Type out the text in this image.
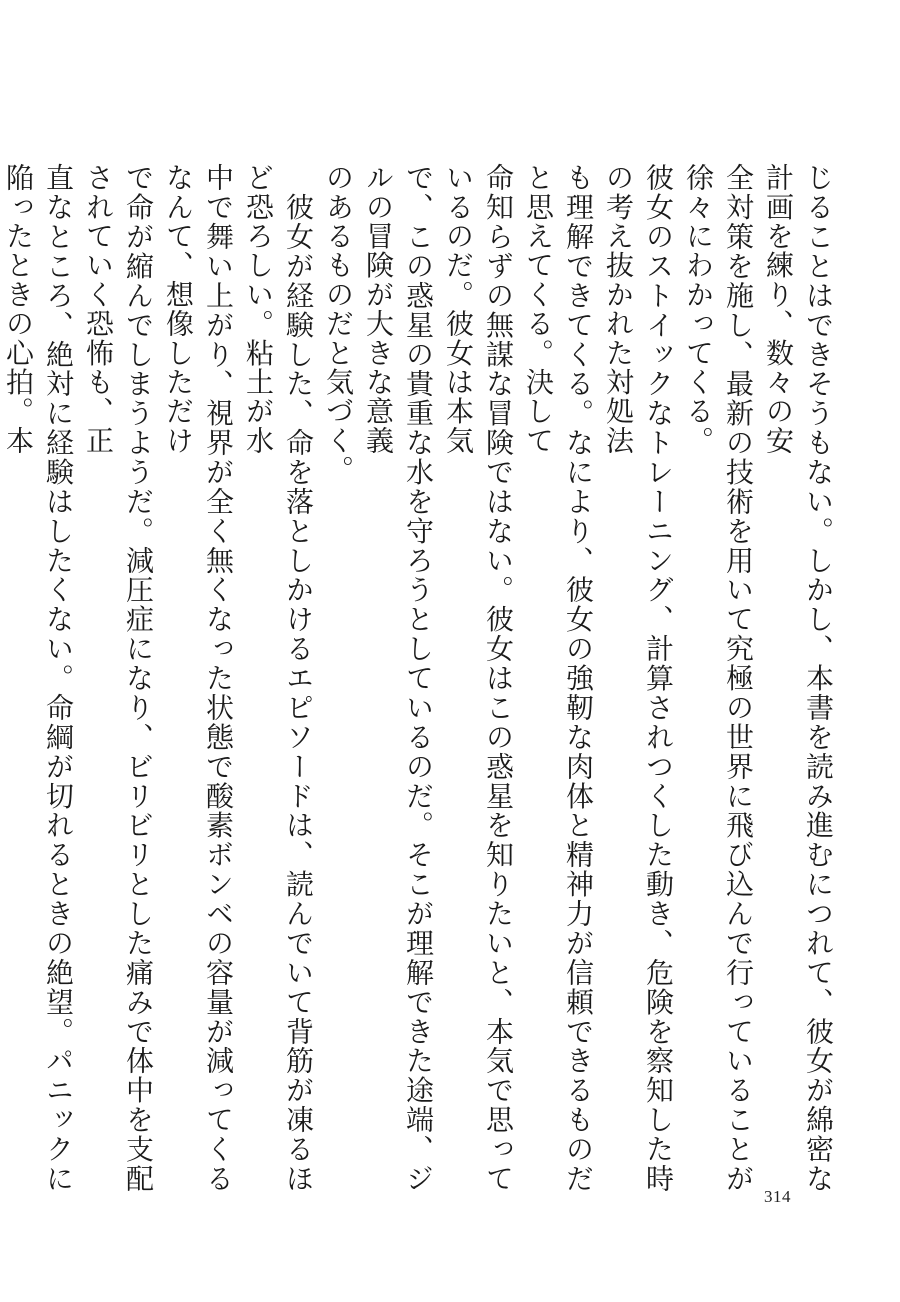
じることはできそうもない。しかし、本書を読み進むにつれて、彼女が綿密な計画を練り、数々の安

全対策を施し、最新の技術を用いて究極の世界に飛び込んで行っていることが徐々にわかってくる。

彼女のストイックなトレーニング、計算されつくした動き、危険を察知した時の考え抜かれた対処法

も理解できてくる。なにより、彼女の強靭な肉体と精神力が信頼できるものだと思えてくる。決して

命知らずの無謀な冒険ではない。彼女はこの惑星を知りたいと、本気で思っているのだ。彼女は本気

で、この惑星の貴重な水を守ろうとしているのだ。そこが理解できた途端、ジルの冒険が大きな意義

のあるものだと気づく。

　彼女が経験した、命を落としかけるエピソードは、読んでいて背筋が凍るほど恐ろしい。粘土が水

中で舞い上がり、視界が全く無くなった状態で酸素ボンベの容量が減ってくるなんて、想像しただけ

で命が縮んでしまうようだ。減圧症になり、ビリビリとした痛みで体中を支配されていく恐怖も、正

直なところ、絶対に経験はしたくない。命綱が切れるときの絶望。パニックに陥ったときの心拍。本

314
